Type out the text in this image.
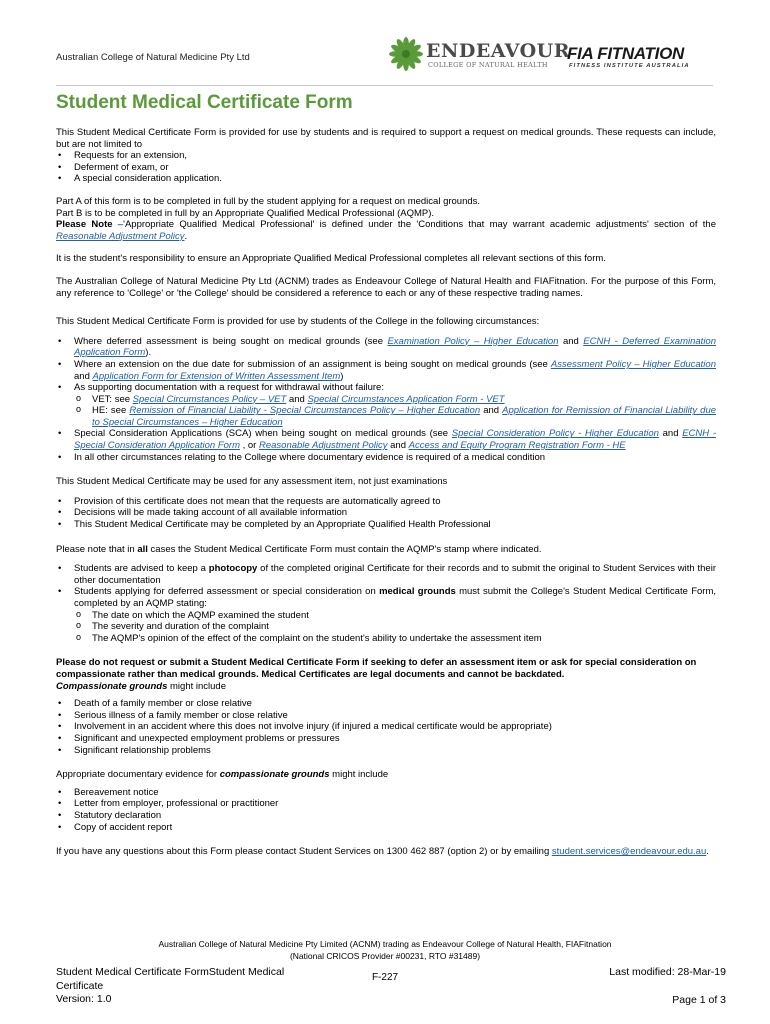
Australian College of Natural Medicine Pty Ltd	ENDEAVOUR
COLLEGE OF NATURAL HEALTH
FIA FITNATION
FITNESS INSTITUTE AUSTRALIA
Student Medical Certificate Form

This Student Medical Certificate Form is provided for use by students and is required to support a request on medical grounds. These requests can include, but are not limited to

• Requests for an extension,
• Deferment of exam, or
• A special consideration application.

Part A of this form is to be completed in full by the student applying for a request on medical grounds.

Part B is to be completed in full by an Appropriate Qualified Medical Professional (AQMP).

Please Note –'Appropriate Qualified Medical Professional' is defined under the 'Conditions that may warrant academic adjustments' section of the Reasonable Adjustment Policy.

It is the student's responsibility to ensure an Appropriate Qualified Medical Professional completes all relevant sections of this form.

The Australian College of Natural Medicine Pty Ltd (ACNM) trades as Endeavour College of Natural Health and FIAFitnation. For the purpose of this Form, any reference to 'College' or 'the College' should be considered a reference to each or any of these respective trading names.

This Student Medical Certificate Form is provided for use by students of the College in the following circumstances:

• Where deferred assessment is being sought on medical grounds (see Examination Policy – Higher Education and ECNH - Deferred Examination Application Form).
• Where an extension on the due date for submission of an assignment is being sought on medical grounds (see Assessment Policy – Higher Education and Application Form for Extension of Written Assessment Item)
• As supporting documentation with a request for withdrawal without failure:
o VET: see Special Circumstances Policy – VET and Special Circumstances Application Form - VET
o HE: see Remission of Financial Liability - Special Circumstances Policy – Higher Education and Application for Remission of Financial Liability due to Special Circumstances – Higher Education
• Special Consideration Applications (SCA) when being sought on medical grounds (see Special Consideration Policy - Higher Education and ECNH - Special Consideration Application Form , or Reasonable Adjustment Policy and Access and Equity Program Registration Form - HE
• In all other circumstances relating to the College where documentary evidence is required of a medical condition

This Student Medical Certificate may be used for any assessment item, not just examinations

• Provision of this certificate does not mean that the requests are automatically agreed to
• Decisions will be made taking account of all available information
• This Student Medical Certificate may be completed by an Appropriate Qualified Health Professional

Please note that in all cases the Student Medical Certificate Form must contain the AQMP's stamp where indicated.

• Students are advised to keep a photocopy of the completed original Certificate for their records and to submit the original to Student Services with their other documentation
• Students applying for deferred assessment or special consideration on medical grounds must submit the College's Student Medical Certificate Form, completed by an AQMP stating:
o The date on which the AQMP examined the student
o The severity and duration of the complaint
o The AQMP's opinion of the effect of the complaint on the student's ability to undertake the assessment item

Please do not request or submit a Student Medical Certificate Form if seeking to defer an assessment item or ask for special consideration on compassionate rather than medical grounds. Medical Certificates are legal documents and cannot be backdated.

Compassionate grounds might include

• Death of a family member or close relative
• Serious illness of a family member or close relative
• Involvement in an accident where this does not involve injury (if injured a medical certificate would be appropriate)
• Significant and unexpected employment problems or pressures
• Significant relationship problems

Appropriate documentary evidence for compassionate grounds might include

• Bereavement notice
• Letter from employer, professional or practitioner
• Statutory declaration
• Copy of accident report

If you have any questions about this Form please contact Student Services on 1300 462 887 (option 2) or by emailing student.services@endeavour.edu.au.

Australian College of Natural Medicine Pty Limited (ACNM) trading as Endeavour College of Natural Health, FIAFitnation
(National CRICOS Provider #00231, RTO #31489)
Student Medical Certificate FormStudent Medical Certificate
Version: 1.0
F-227	Last modified: 28-Mar-19
Page 1 of 3
